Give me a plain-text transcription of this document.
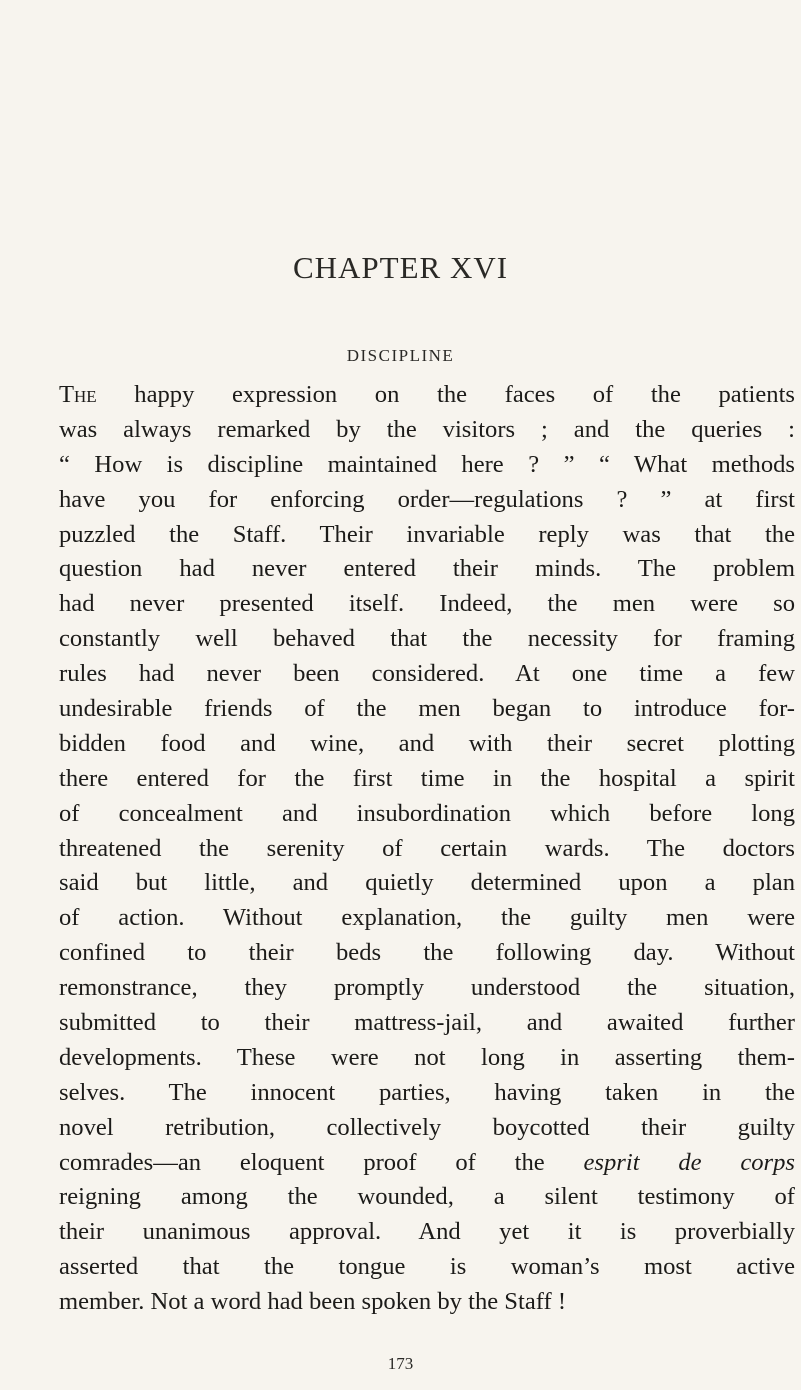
CHAPTER XVI
DISCIPLINE
The happy expression on the faces of the patients
was always remarked by the visitors ; and the queries :
“ How is discipline maintained here ? ” “ What methods
have you for enforcing order—regulations ? ” at first
puzzled the Staff. Their invariable reply was that the
question had never entered their minds. The problem
had never presented itself. Indeed, the men were so
constantly well behaved that the necessity for framing
rules had never been considered. At one time a few
undesirable friends of the men began to introduce for-
bidden food and wine, and with their secret plotting
there entered for the first time in the hospital a spirit
of concealment and insubordination which before long
threatened the serenity of certain wards. The doctors
said but little, and quietly determined upon a plan
of action. Without explanation, the guilty men were
confined to their beds the following day. Without
remonstrance, they promptly understood the situation,
submitted to their mattress-jail, and awaited further
developments. These were not long in asserting them-
selves. The innocent parties, having taken in the
novel retribution, collectively boycotted their guilty
comrades—an eloquent proof of the esprit de corps
reigning among the wounded, a silent testimony of
their unanimous approval. And yet it is proverbially
asserted that the tongue is woman’s most active
member. Not a word had been spoken by the Staff !
173
